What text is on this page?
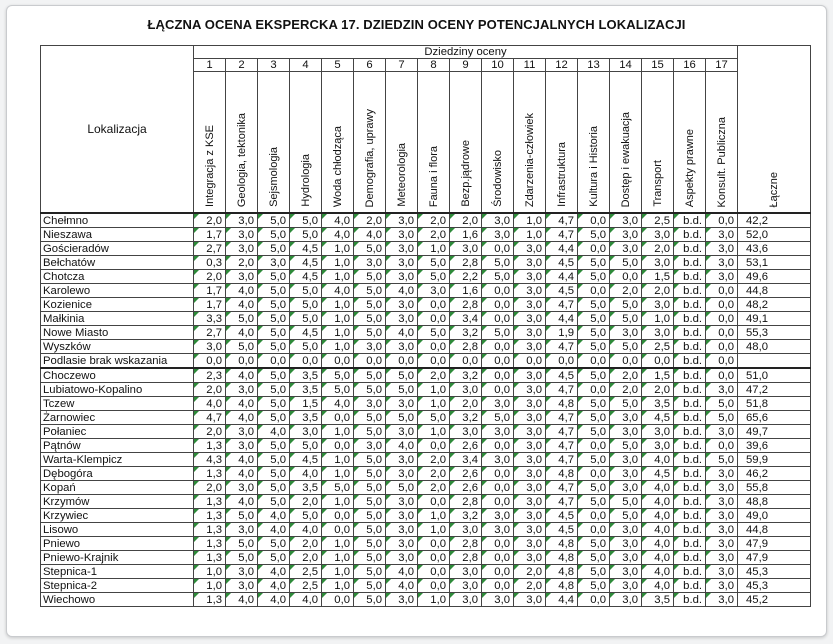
ŁĄCZNA OCENA EKSPERCKA 17. DZIEDZIN OCENY POTENCJALNYCH LOKALIZACJI
Lokalizacja	Dziedziny oceny																	Łączne
	1	2	3	4	5	6	7	8	9	10	11	12	13	14	15	16	17	
	Integracja z KSE	Geologia, tektonika	Sejsmologia	Hydrologia	Woda chłodząca	Demografia, uprawy	Meteorologia	Fauna i flora	Bezp.jądrowe	Środowisko	Zdarzenia-człowiek	Infrastruktura	Kultura i Historia	Dostęp i ewakuacja	Transport	Aspekty prawne	Konsult. Publiczna	
Chełmno	2,0	3,0	5,0	5,0	4,0	2,0	3,0	2,0	2,0	3,0	1,0	4,7	0,0	3,0	2,5	b.d.	0,0	42,2
Nieszawa	1,7	3,0	5,0	5,0	4,0	4,0	3,0	2,0	1,6	3,0	1,0	4,7	5,0	3,0	3,0	b.d.	3,0	52,0
Gościeradów	2,7	3,0	5,0	4,5	1,0	5,0	3,0	1,0	3,0	0,0	3,0	4,4	0,0	3,0	2,0	b.d.	3,0	43,6
Bełchatów	0,3	2,0	3,0	4,5	1,0	3,0	3,0	5,0	2,8	5,0	3,0	4,5	5,0	5,0	3,0	b.d.	3,0	53,1
Chotcza	2,0	3,0	5,0	4,5	1,0	5,0	3,0	5,0	2,2	5,0	3,0	4,4	5,0	0,0	1,5	b.d.	3,0	49,6
Karolewo	1,7	4,0	5,0	5,0	4,0	5,0	4,0	3,0	1,6	0,0	3,0	4,5	0,0	2,0	2,0	b.d.	0,0	44,8
Kozienice	1,7	4,0	5,0	5,0	1,0	5,0	3,0	0,0	2,8	0,0	3,0	4,7	5,0	5,0	3,0	b.d.	0,0	48,2
Małkinia	3,3	5,0	5,0	5,0	1,0	5,0	3,0	0,0	3,4	0,0	3,0	4,4	5,0	5,0	1,0	b.d.	0,0	49,1
Nowe Miasto	2,7	4,0	5,0	4,5	1,0	5,0	4,0	5,0	3,2	5,0	3,0	1,9	5,0	3,0	3,0	b.d.	0,0	55,3
Wyszków	3,0	5,0	5,0	5,0	1,0	3,0	3,0	0,0	2,8	0,0	3,0	4,7	5,0	5,0	2,5	b.d.	0,0	48,0
Podlasie brak wskazania	0,0	0,0	0,0	0,0	0,0	0,0	0,0	0,0	0,0	0,0	0,0	0,0	0,0	0,0	0,0	b.d.	0,0	
Choczewo	2,3	4,0	5,0	3,5	5,0	5,0	5,0	2,0	3,2	0,0	3,0	4,5	5,0	2,0	1,5	b.d.	0,0	51,0
Lubiatowo-Kopalino	2,0	3,0	5,0	3,5	5,0	5,0	5,0	1,0	3,0	0,0	3,0	4,7	0,0	2,0	2,0	b.d.	3,0	47,2
Tczew	4,0	4,0	5,0	1,5	4,0	3,0	3,0	1,0	2,0	3,0	3,0	4,8	5,0	5,0	3,5	b.d.	5,0	51,8
Żarnowiec	4,7	4,0	5,0	3,5	0,0	5,0	5,0	5,0	3,2	5,0	3,0	4,7	5,0	3,0	4,5	b.d.	5,0	65,6
Połaniec	2,0	3,0	4,0	3,0	1,0	5,0	3,0	1,0	3,0	3,0	3,0	4,7	5,0	3,0	3,0	b.d.	3,0	49,7
Pątnów	1,3	3,0	5,0	5,0	0,0	3,0	4,0	0,0	2,6	0,0	3,0	4,7	0,0	5,0	3,0	b.d.	0,0	39,6
Warta-Klempicz	4,3	4,0	5,0	4,5	1,0	5,0	3,0	2,0	3,4	3,0	3,0	4,7	5,0	3,0	4,0	b.d.	5,0	59,9
Dębogóra	1,3	4,0	5,0	4,0	1,0	5,0	3,0	2,0	2,6	0,0	3,0	4,8	0,0	3,0	4,5	b.d.	3,0	46,2
Kopań	2,0	3,0	5,0	3,5	5,0	5,0	5,0	2,0	2,6	0,0	3,0	4,7	5,0	3,0	4,0	b.d.	3,0	55,8
Krzymów	1,3	4,0	5,0	2,0	1,0	5,0	3,0	0,0	2,8	0,0	3,0	4,7	5,0	5,0	4,0	b.d.	3,0	48,8
Krzywiec	1,3	5,0	4,0	5,0	0,0	5,0	3,0	1,0	3,2	3,0	3,0	4,5	0,0	5,0	4,0	b.d.	3,0	49,0
Lisowo	1,3	3,0	4,0	4,0	0,0	5,0	3,0	1,0	3,0	3,0	3,0	4,5	0,0	3,0	4,0	b.d.	3,0	44,8
Pniewo	1,3	5,0	5,0	2,0	1,0	5,0	3,0	0,0	2,8	0,0	3,0	4,8	5,0	3,0	4,0	b.d.	3,0	47,9
Pniewo-Krajnik	1,3	5,0	5,0	2,0	1,0	5,0	3,0	0,0	2,8	0,0	3,0	4,8	5,0	3,0	4,0	b.d.	3,0	47,9
Stepnica-1	1,0	3,0	4,0	2,5	1,0	5,0	4,0	0,0	3,0	0,0	2,0	4,8	5,0	3,0	4,0	b.d.	3,0	45,3
Stepnica-2	1,0	3,0	4,0	2,5	1,0	5,0	4,0	0,0	3,0	0,0	2,0	4,8	5,0	3,0	4,0	b.d.	3,0	45,3
Wiechowo	1,3	4,0	4,0	4,0	0,0	5,0	3,0	1,0	3,0	3,0	3,0	4,4	0,0	3,0	3,5	b.d.	3,0	45,2
